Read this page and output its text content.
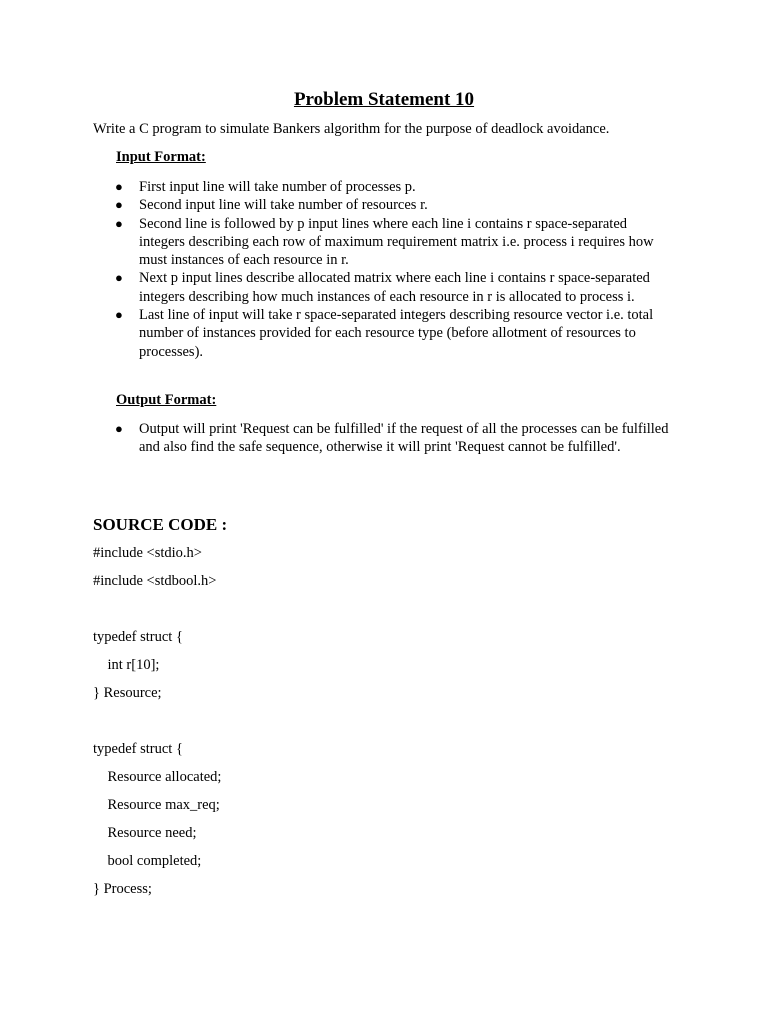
Problem Statement 10
Write a C program to simulate Bankers algorithm for the purpose of deadlock avoidance.
Input Format:
● First input line will take number of processes p.
● Second input line will take number of resources r.
● Second line is followed by p input lines where each line i contains r space-separated integers describing each row of maximum requirement matrix i.e. process i requires how must instances of each resource in r.
● Next p input lines describe allocated matrix where each line i contains r space-separated integers describing how much instances of each resource in r is allocated to process i.
● Last line of input will take r space-separated integers describing resource vector i.e. total number of instances provided for each resource type (before allotment of resources to processes).
Output Format:
● Output will print 'Request can be fulfilled' if the request of all the processes can be fulfilled and also find the safe sequence, otherwise it will print 'Request cannot be fulfilled'.
SOURCE CODE :
#include <stdio.h>
#include <stdbool.h>
typedef struct {
int r[10];
} Resource;
typedef struct {
Resource allocated;
Resource max_req;
Resource need;
bool completed;
} Process;
